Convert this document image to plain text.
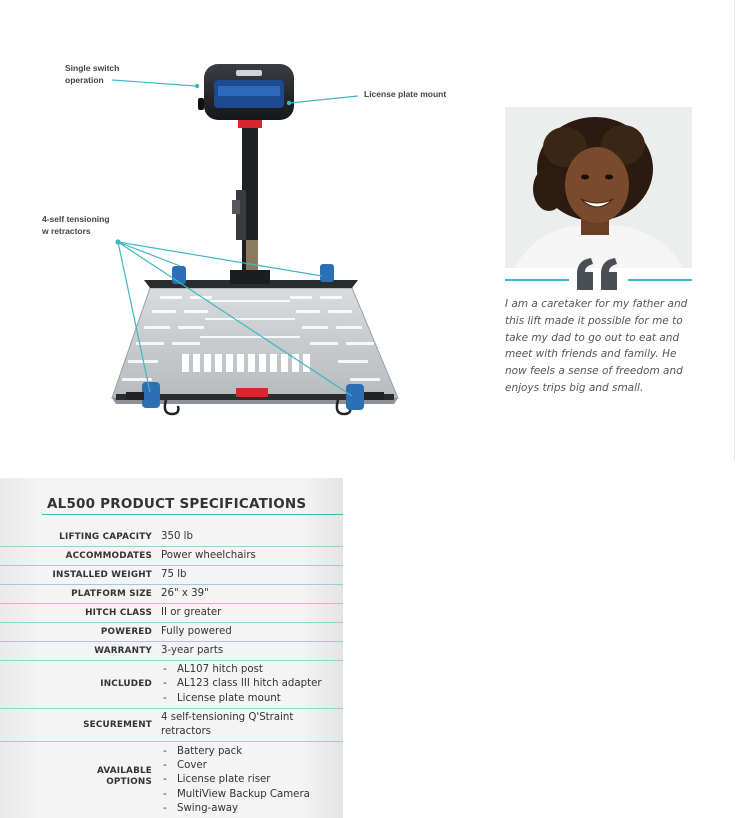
Single switch
operation
License plate mount
4-self tensioning
w retractors
I am a caretaker for my father and this lift made it possible for me to take my dad to go out to eat and meet with friends and family. He now feels a sense of freedom and enjoys trips big and small.
AL500 PRODUCT SPECIFICATIONS
LIFTING CAPACITY 350 lb
ACCOMMODATES Power wheelchairs
INSTALLED WEIGHT 75 lb
PLATFORM SIZE 26" x 39"
HITCH CLASS II or greater
POWERED Fully powered
WARRANTY 3-year parts
INCLUDED
- AL107 hitch post
- AL123 class III hitch adapter
- License plate mount
SECUREMENT
4 self-tensioning Q'Straint retractors
AVAILABLE OPTIONS
- Battery pack
- Cover
- License plate riser
- MultiView Backup Camera
- Swing-away
